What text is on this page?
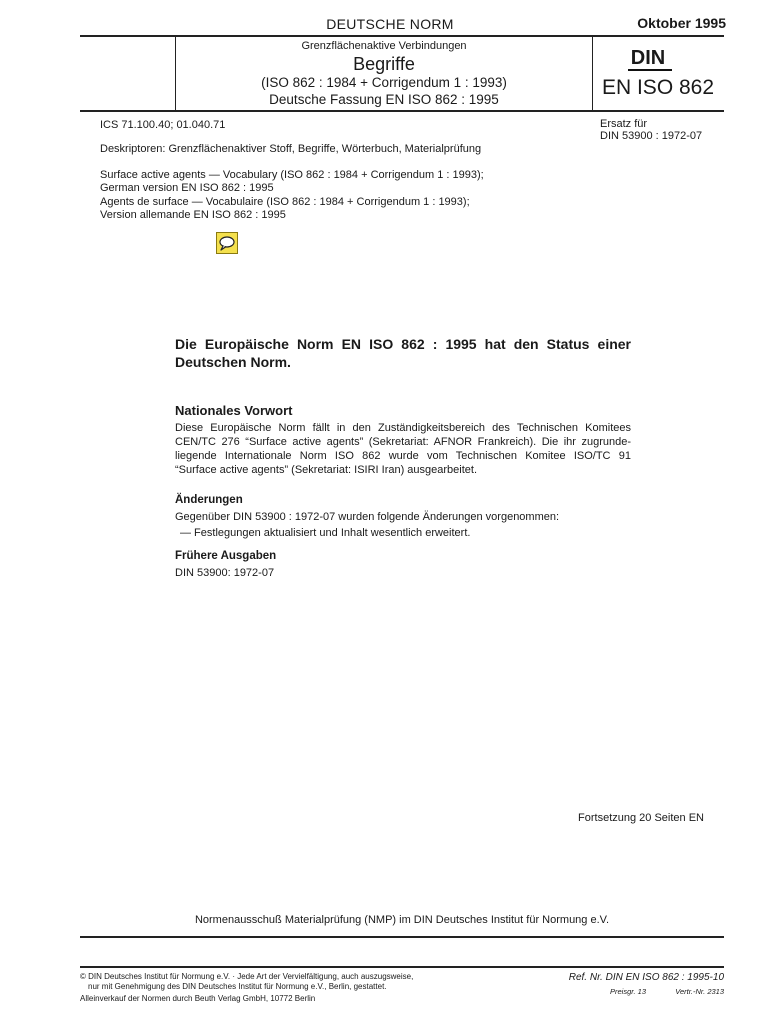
DEUTSCHE NORM	Oktober 1995
Grenzflächenaktive Verbindungen
Begriffe
(ISO 862 : 1984 + Corrigendum 1 : 1993)
Deutsche Fassung EN ISO 862 : 1995
DIN
EN ISO 862
ICS 71.100.40; 01.040.71	Ersatz für
DIN 53900 : 1972-07
Deskriptoren: Grenzflächenaktiver Stoff, Begriffe, Wörterbuch, Materialprüfung
Surface active agents — Vocabulary (ISO 862 : 1984 + Corrigendum 1 : 1993);
German version EN ISO 862 : 1995
Agents de surface — Vocabulaire (ISO 862 : 1984 + Corrigendum 1 : 1993);
Version allemande EN ISO 862 : 1995
Die Europäische Norm EN ISO 862 : 1995 hat den Status einer
Deutschen Norm.
Nationales Vorwort
Diese Europäische Norm fällt in den Zuständigkeitsbereich des Technischen Komitees
CEN/TC 276 “Surface active agents” (Sekretariat: AFNOR Frankreich). Die ihr zugrunde-
liegende Internationale Norm ISO 862 wurde vom Technischen Komitee ISO/TC 91
“Surface active agents” (Sekretariat: ISIRI Iran) ausgearbeitet.
Änderungen
Gegenüber DIN 53900 : 1972-07 wurden folgende Änderungen vorgenommen:
— Festlegungen aktualisiert und Inhalt wesentlich erweitert.
Frühere Ausgaben
DIN 53900: 1972-07
Fortsetzung 20 Seiten EN
Normenausschuß Materialprüfung (NMP) im DIN Deutsches Institut für Normung e.V.
© DIN Deutsches Institut für Normung e.V. · Jede Art der Vervielfältigung, auch auszugsweise,
nur mit Genehmigung des DIN Deutsches Institut für Normung e.V., Berlin, gestattet.
Alleinverkauf der Normen durch Beuth Verlag GmbH, 10772 Berlin
Ref. Nr. DIN EN ISO 862 : 1995-10
Preisgr. 13	Vertr.-Nr. 2313
